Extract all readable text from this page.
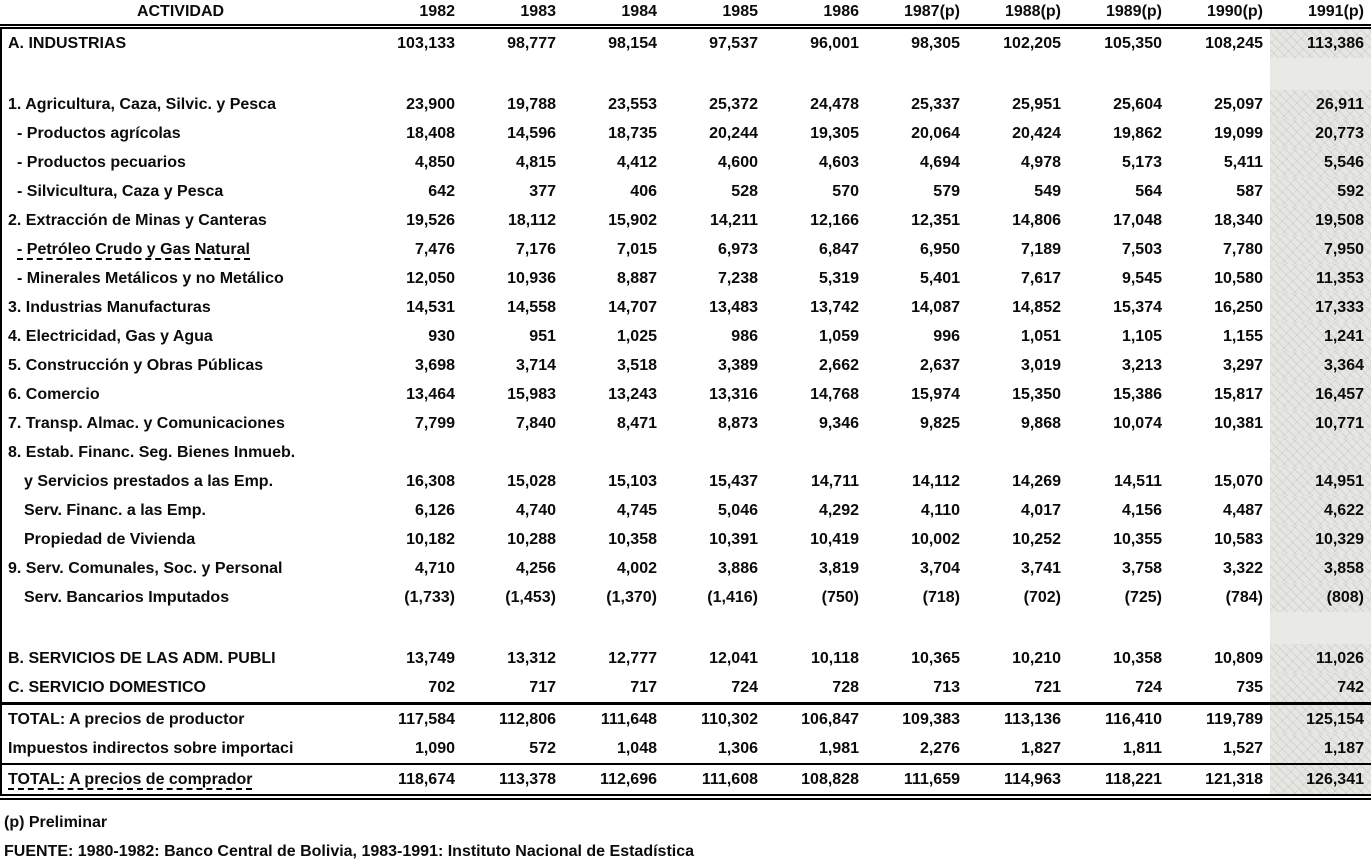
ACTIVIDAD	1982	1983	1984	1985	1986	1987(p)	1988(p)	1989(p)	1990(p)	1991(p)
A. INDUSTRIAS	103,133	98,777	98,154	97,537	96,001	98,305	102,205	105,350	108,245	113,386

1. Agricultura, Caza, Silvic. y Pesca	23,900	19,788	23,553	25,372	24,478	25,337	25,951	25,604	25,097	26,911
- Productos agrícolas	18,408	14,596	18,735	20,244	19,305	20,064	20,424	19,862	19,099	20,773
- Productos pecuarios	4,850	4,815	4,412	4,600	4,603	4,694	4,978	5,173	5,411	5,546
- Silvicultura, Caza y Pesca	642	377	406	528	570	579	549	564	587	592
2. Extracción de Minas y Canteras	19,526	18,112	15,902	14,211	12,166	12,351	14,806	17,048	18,340	19,508
- Petróleo Crudo y Gas Natural	7,476	7,176	7,015	6,973	6,847	6,950	7,189	7,503	7,780	7,950
- Minerales Metálicos y no Metálico	12,050	10,936	8,887	7,238	5,319	5,401	7,617	9,545	10,580	11,353
3. Industrias Manufacturas	14,531	14,558	14,707	13,483	13,742	14,087	14,852	15,374	16,250	17,333
4. Electricidad, Gas y Agua	930	951	1,025	986	1,059	996	1,051	1,105	1,155	1,241
5. Construcción y Obras Públicas	3,698	3,714	3,518	3,389	2,662	2,637	3,019	3,213	3,297	3,364
6. Comercio	13,464	15,983	13,243	13,316	14,768	15,974	15,350	15,386	15,817	16,457
7. Transp. Almac. y Comunicaciones	7,799	7,840	8,471	8,873	9,346	9,825	9,868	10,074	10,381	10,771
8. Estab. Financ. Seg. Bienes Inmueb.										
y Servicios prestados a las Emp.	16,308	15,028	15,103	15,437	14,711	14,112	14,269	14,511	15,070	14,951
Serv. Financ. a las Emp.	6,126	4,740	4,745	5,046	4,292	4,110	4,017	4,156	4,487	4,622
Propiedad de Vivienda	10,182	10,288	10,358	10,391	10,419	10,002	10,252	10,355	10,583	10,329
9. Serv. Comunales, Soc. y Personal	4,710	4,256	4,002	3,886	3,819	3,704	3,741	3,758	3,322	3,858
Serv. Bancarios Imputados	(1,733)	(1,453)	(1,370)	(1,416)	(750)	(718)	(702)	(725)	(784)	(808)

B. SERVICIOS DE LAS ADM. PUBLI	13,749	13,312	12,777	12,041	10,118	10,365	10,210	10,358	10,809	11,026
C. SERVICIO DOMESTICO	702	717	717	724	728	713	721	724	735	742
TOTAL: A precios de productor	117,584	112,806	111,648	110,302	106,847	109,383	113,136	116,410	119,789	125,154
Impuestos indirectos sobre importaci	1,090	572	1,048	1,306	1,981	2,276	1,827	1,811	1,527	1,187
TOTAL: A precios de comprador	118,674	113,378	112,696	111,608	108,828	111,659	114,963	118,221	121,318	126,341
(p) Preliminar
FUENTE: 1980-1982: Banco Central de Bolivia, 1983-1991: Instituto Nacional de Estadística
